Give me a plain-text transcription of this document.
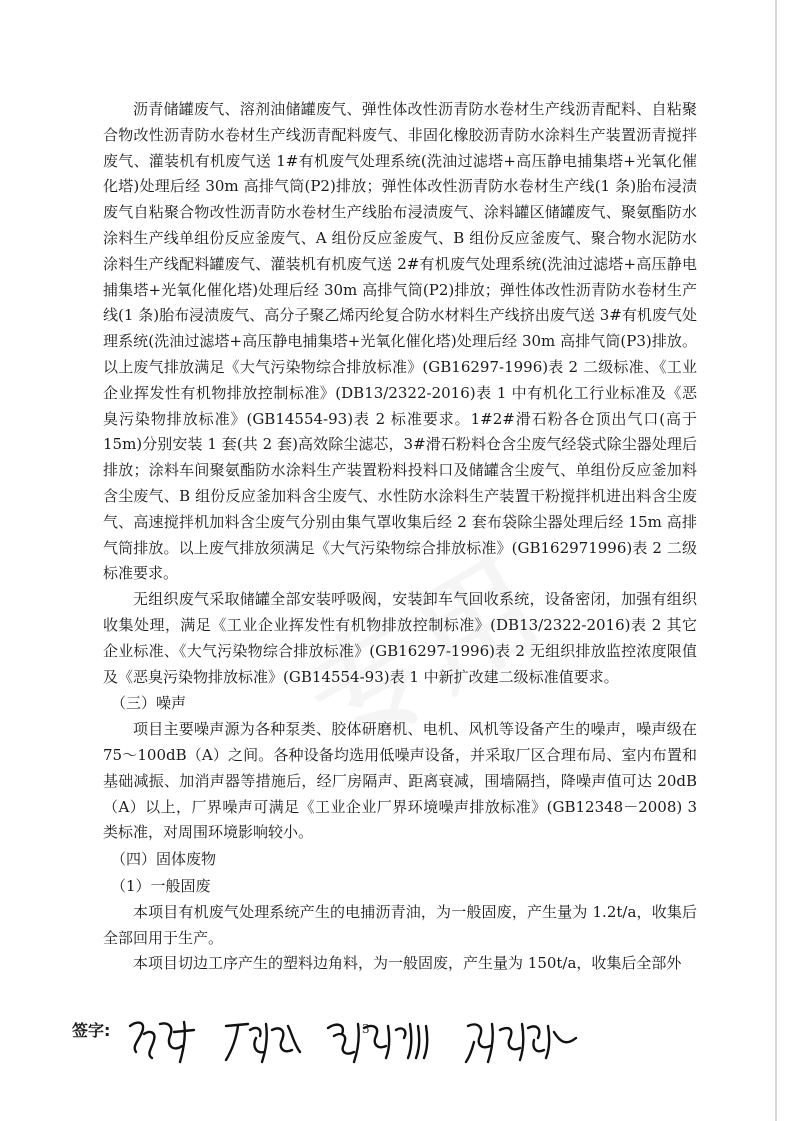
沥青储罐废气、溶剂油储罐废气、弹性体改性沥青防水卷材生产线沥青配料、自粘聚合物改性沥青防水卷材生产线沥青配料废气、非固化橡胶沥青防水涂料生产装置沥青搅拌废气、灌装机有机废气送 1#有机废气处理系统(洗油过滤塔+高压静电捕集塔+光氧化催化塔)处理后经 30m 高排气筒(P2)排放；弹性体改性沥青防水卷材生产线(1 条)胎布浸渍废气自粘聚合物改性沥青防水卷材生产线胎布浸渍废气、涂料罐区储罐废气、聚氨酯防水涂料生产线单组份反应釜废气、A 组份反应釜废气、B 组份反应釜废气、聚合物水泥防水涂料生产线配料罐废气、灌装机有机废气送 2#有机废气处理系统(洗油过滤塔+高压静电捕集塔+光氧化催化塔)处理后经 30m 高排气筒(P2)排放；弹性体改性沥青防水卷材生产线(1 条)胎布浸渍废气、高分子聚乙烯丙纶复合防水材料生产线挤出废气送 3#有机废气处理系统(洗油过滤塔+高压静电捕集塔+光氧化催化塔)处理后经 30m 高排气筒(P3)排放。以上废气排放满足《大气污染物综合排放标准》(GB16297-1996)表 2 二级标准、《工业企业挥发性有机物排放控制标准》(DB13/2322-2016)表 1 中有机化工行业标准及《恶臭污染物排放标准》(GB14554-93)表 2 标准要求。1#2#滑石粉各仓顶出气口(高于 15m)分别安装 1 套(共 2 套)高效除尘滤芯，3#滑石粉料仓含尘废气经袋式除尘器处理后排放；涂料车间聚氨酯防水涂料生产装置粉料投料口及储罐含尘废气、单组份反应釜加料含尘废气、B 组份反应釜加料含尘废气、水性防水涂料生产装置干粉搅拌机进出料含尘废气、高速搅拌机加料含尘废气分别由集气罩收集后经 2 套布袋除尘器处理后经 15m 高排气筒排放。以上废气排放须满足《大气污染物综合排放标准》(GB162971996)表 2 二级标准要求。

无组织废气采取储罐全部安装呼吸阀，安装卸车气回收系统，设备密闭，加强有组织收集处理，满足《工业企业挥发性有机物排放控制标准》(DB13/2322-2016)表 2 其它企业标准、《大气污染物综合排放标准》(GB16297-1996)表 2 无组织排放监控浓度限值及《恶臭污染物排放标准》(GB14554-93)表 1 中新扩改建二级标准值要求。

（三）噪声

项目主要噪声源为各种泵类、胶体研磨机、电机、风机等设备产生的噪声，噪声级在 75～100dB（A）之间。各种设备均选用低噪声设备，并采取厂区合理布局、室内布置和基础减振、加消声器等措施后，经厂房隔声、距离衰减，围墙隔挡，降噪声值可达 20dB（A）以上，厂界噪声可满足《工业企业厂界环境噪声排放标准》(GB12348－2008) 3 类标准，对周围环境影响较小。

（四）固体废物

（1）一般固废

本项目有机废气处理系统产生的电捕沥青油，为一般固废，产生量为 1.2t/a，收集后全部回用于生产。

本项目切边工序产生的塑料边角料，为一般固废，产生量为 150t/a，收集后全部外

签字:	3
